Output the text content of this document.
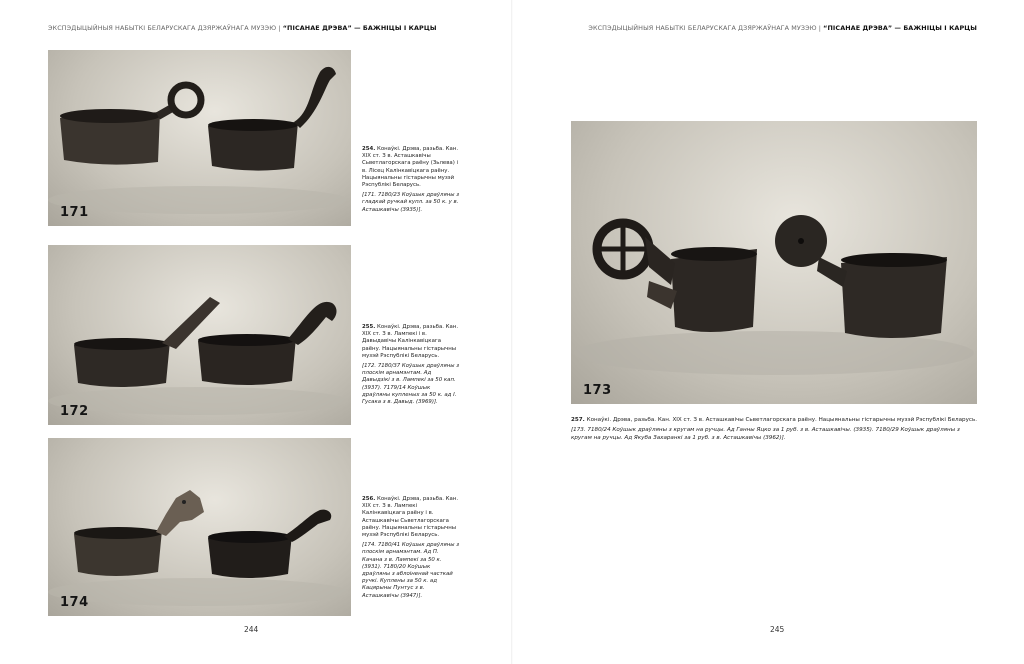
ЭКСПЭДЫЦЫЙНЫЯ НАБЫТКІ БЕЛАРУСКАГА ДЗЯРЖАЎНАГА МУЗЭЮ | “ПІСАНАЕ ДРЭВА” — БАЖНІЦЫ І КАРЦЫ
171
254. Конаўкі. Дрэва, разьба. Кан. XIX ст. З в. Асташкавічы Сьветлагорскага раёну (Зьлева) і в. Лісец Калінкавіцкага раёну. Нацыянальны гістарычны музэй Рэспублікі Беларусь.
[171. 7180/23 Коўшык драўляны з гладкай ручкай купл. за 50 к. у в. Асташкавічы (3935)].
172
255. Конаўкі. Дрэва, разьба. Кан. XIX ст. З в. Лампекі і в. Давыдавічы Калінкавіцкага раёну. Нацыянальны гістарычны музэй Рэспублікі Беларусь.
[172. 7180/37 Коўшык драўляны з плоскім арнамэнтам. Ад Давыдзікі з в. Лампекі за 50 кап. (3937). 7179/14 Коўшык драўляны купленых за 50 к. ад І. Гусака з в. Давыд. (3969)].
174
256. Конаўкі. Дрэва, разьба. Кан. XIX ст. З в. Лампекі Калінкавіцкага раёну і в. Асташкавічы Сьветлагорскага раёну. Нацыянальны гістарычны музэй Рэспублікі Беларусь.
[174. 7180/41 Коўшык драўляны з плоскім арнамэнтам. Ад П. Качана з в. Лампекі за 50 к. (3931). 7180/20 Коўшык драўляны з аблоіненай часткай ручкі. Куплены за 50 к. ад Кацярыны Пунтус з в. Асташкавічы (3947)].
244
ЭКСПЭДЫЦЫЙНЫЯ НАБЫТКІ БЕЛАРУСКАГА ДЗЯРЖАЎНАГА МУЗЭЮ | “ПІСАНАЕ ДРЭВА” — БАЖНІЦЫ І КАРЦЫ
173
257. Конаўкі. Дрэва, разьба. Кан. XIX ст. З в. Асташкавічы Сьветлагорскага раёну. Нацыянальны гістарычны музэй Рэспублікі Беларусь.
[173. 7180/24 Коўшык драўляны з кругам на ручцы. Ад Ганны Яцко за 1 руб. з в. Асташкавічы. (3935). 7180/29 Коўшык драўляны з кругам на ручцы. Ад Якуба Захаранкі за 1 руб. з в. Асташкавічы (3962)].
245
